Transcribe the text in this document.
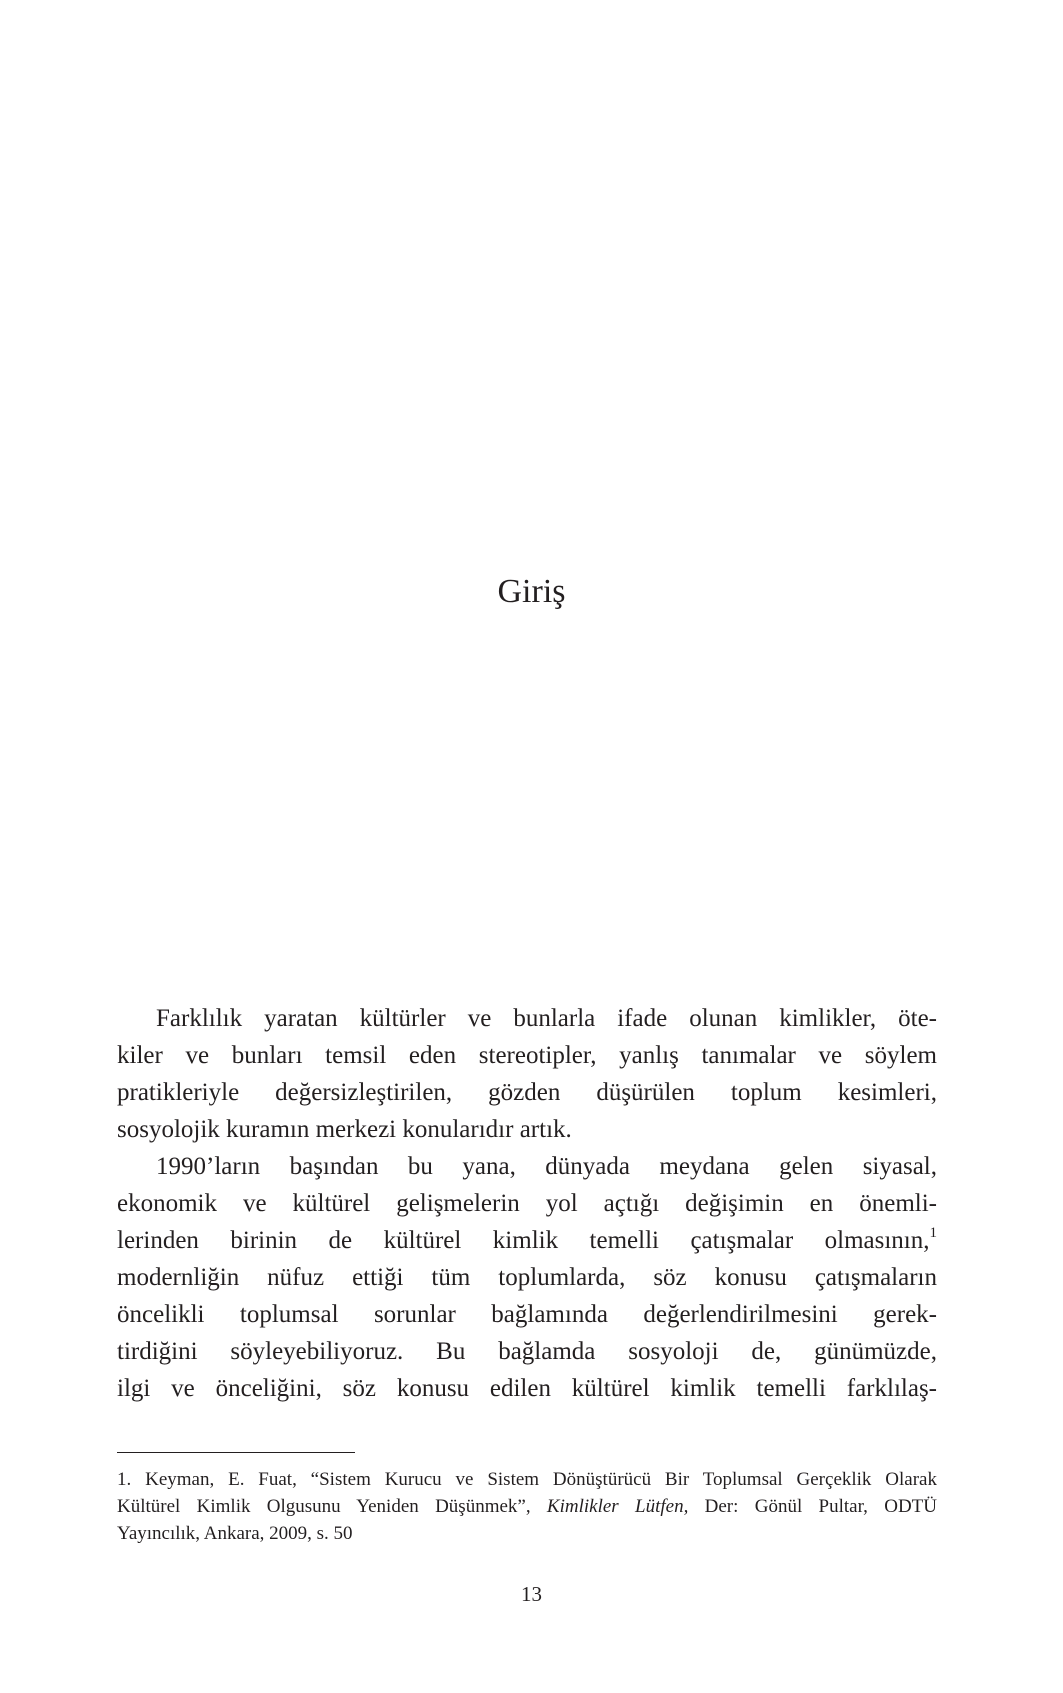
Giriş
Farklılık yaratan kültürler ve bunlarla ifade olunan kimlikler, öte-
kiler ve bunları temsil eden stereotipler, yanlış tanımalar ve söylem
pratikleriyle değersizleştirilen, gözden düşürülen toplum kesimleri,
sosyolojik kuramın merkezi konularıdır artık.
1990’ların başından bu yana, dünyada meydana gelen siyasal,
ekonomik ve kültürel gelişmelerin yol açtığı değişimin en önemli-
lerinden birinin de kültürel kimlik temelli çatışmalar olmasının,$^1$
modernliğin nüfuz ettiği tüm toplumlarda, söz konusu çatışmaların
öncelikli toplumsal sorunlar bağlamında değerlendirilmesini gerek-
tirdiğini söyleyebiliyoruz. Bu bağlamda sosyoloji de, günümüzde,
ilgi ve önceliğini, söz konusu edilen kültürel kimlik temelli farklılaş-
1. Keyman, E. Fuat, “Sistem Kurucu ve Sistem Dönüştürücü Bir Toplumsal Gerçeklik Olarak
Kültürel Kimlik Olgusunu Yeniden Düşünmek”, Kimlikler Lütfen, Der: Gönül Pultar, ODTÜ
Yayıncılık, Ankara, 2009, s. 50
13
